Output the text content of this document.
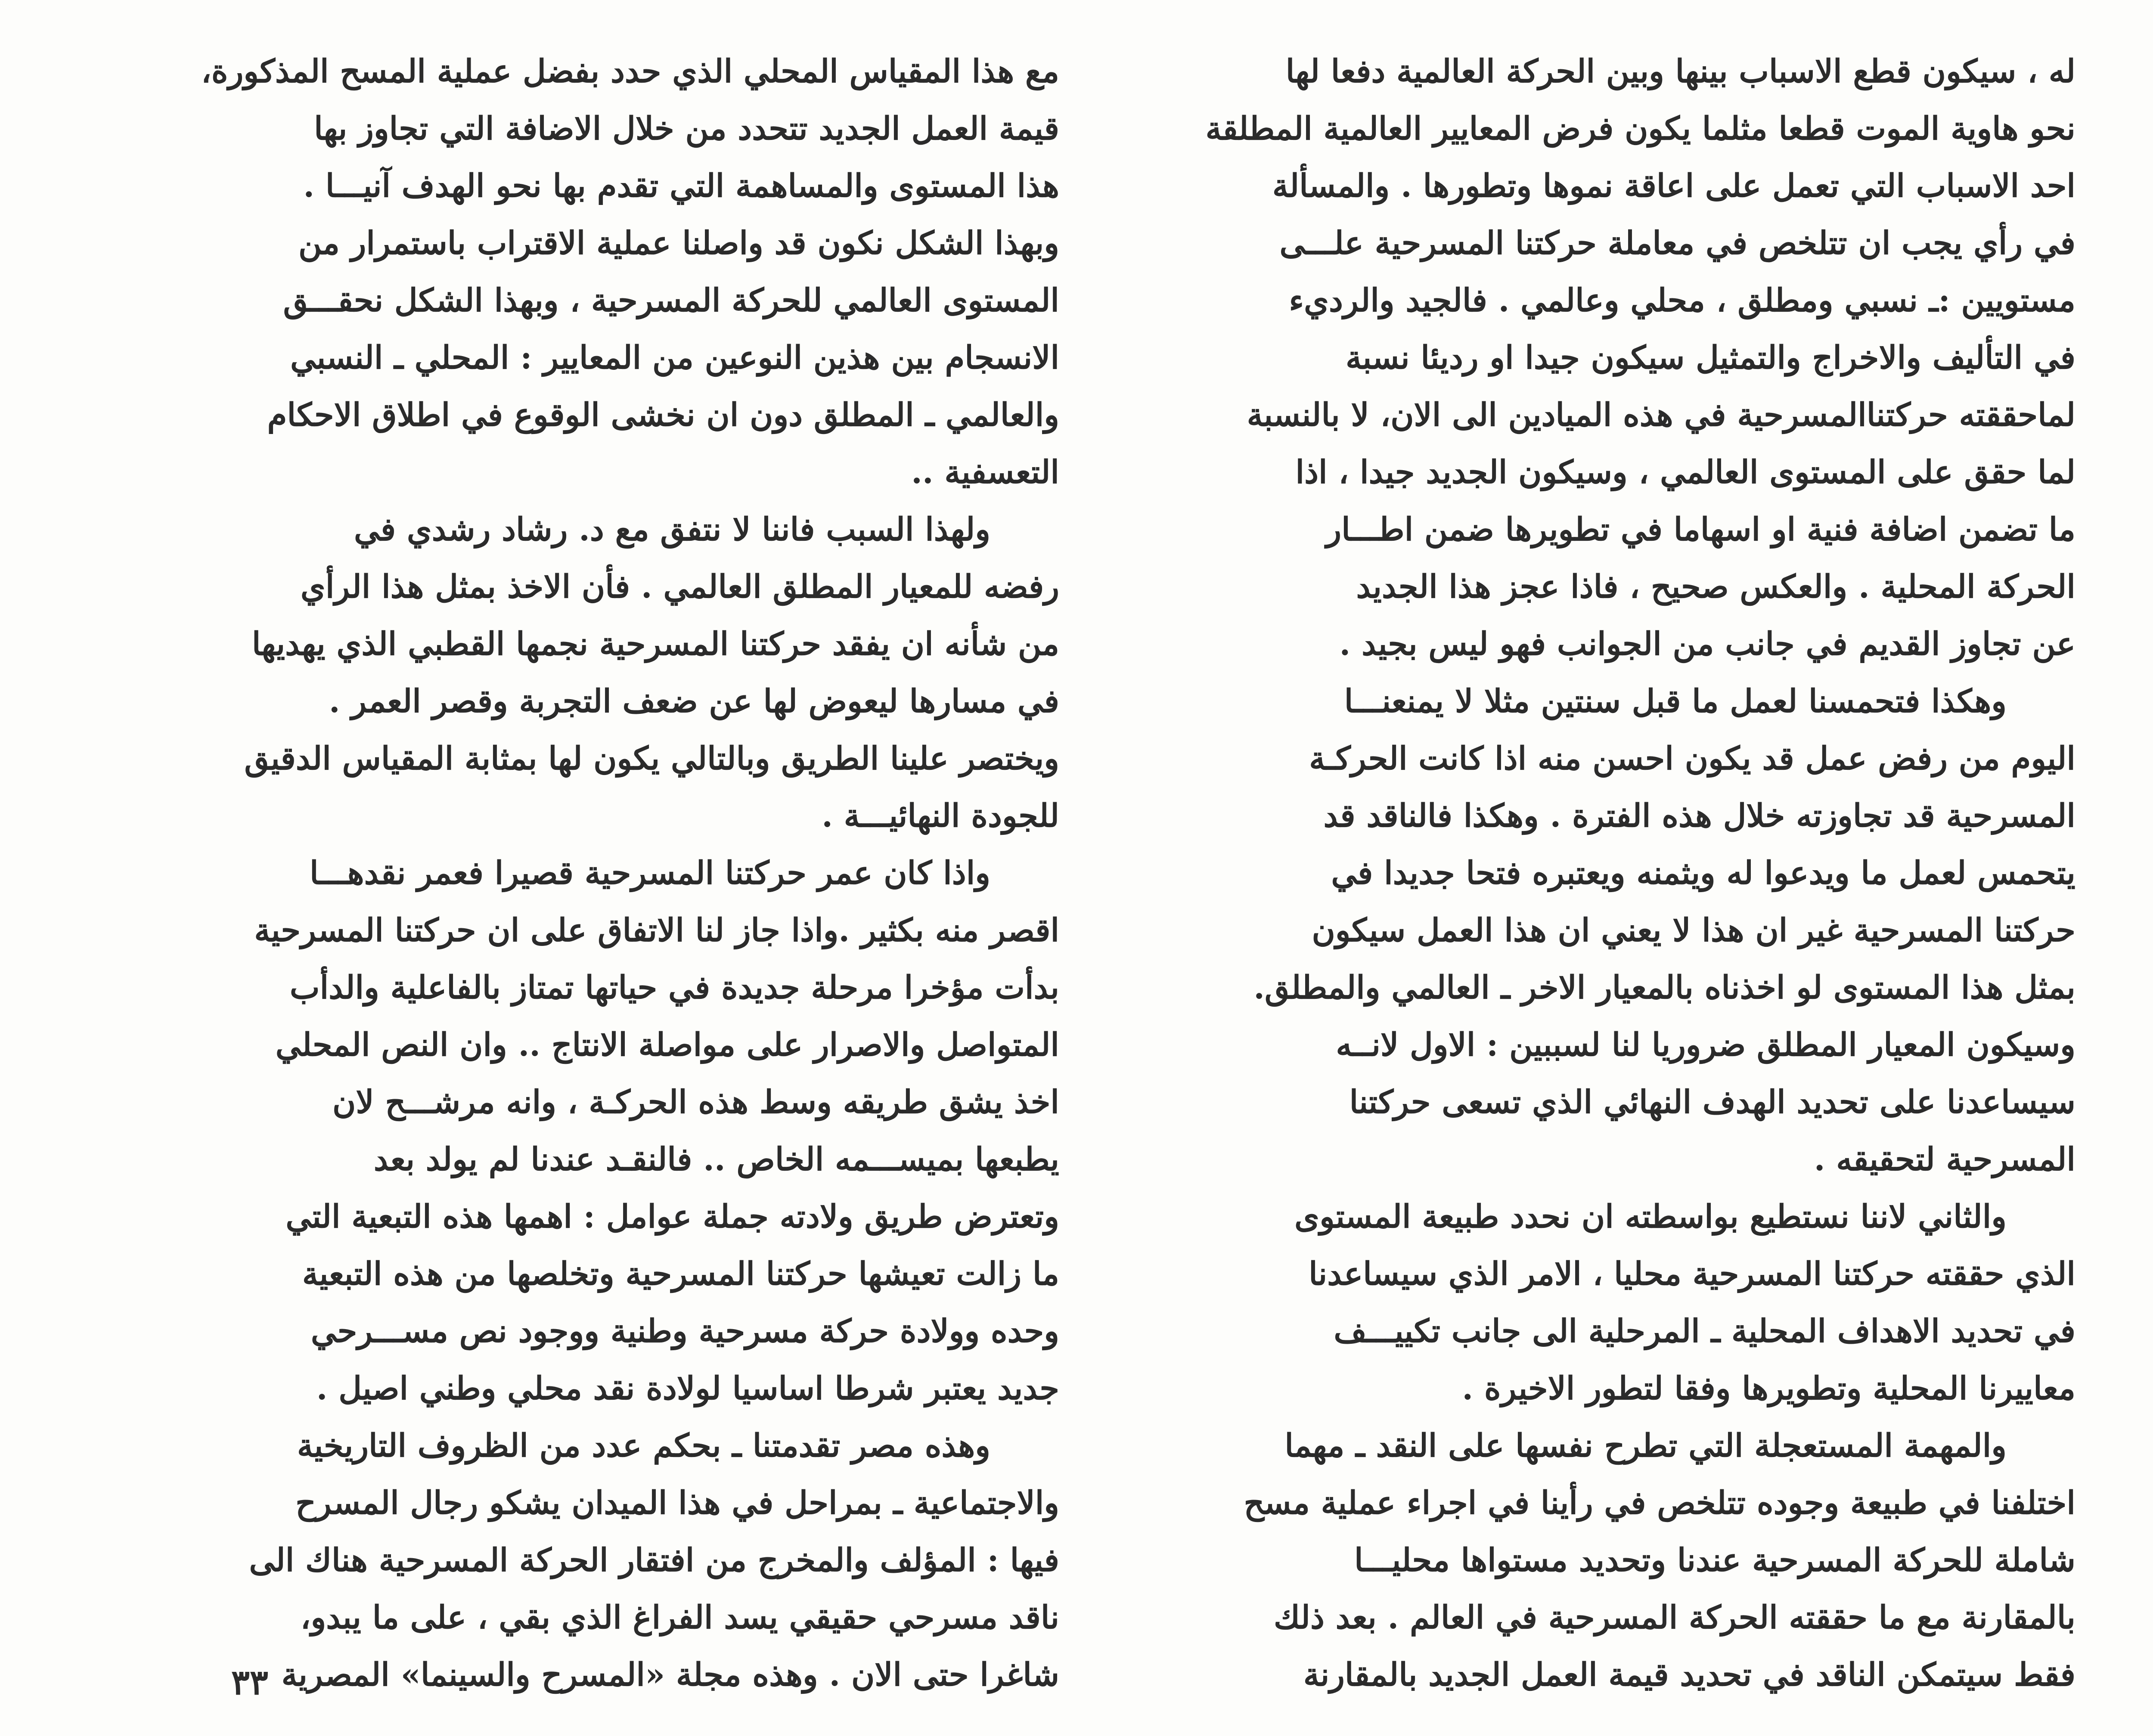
له ، سيكون قطع الاسباب بينها وبين الحركة العالمية دفعا لها
نحو هاوية الموت قطعا مثلما يكون فرض المعايير العالمية المطلقة
احد الاسباب التي تعمل على اعاقة نموها وتطورها . والمسألة
في رأي يجب ان تتلخص في معاملة حركتنا المسرحية علـــى
مستويين :ـ نسبي ومطلق ، محلي وعالمي . فالجيد والرديء
في التأليف والاخراج والتمثيل سيكون جيدا او رديئا نسبة
لماحققته حركتناالمسرحية في هذه الميادين الى الان، لا بالنسبة
لما حقق على المستوى العالمي ، وسيكون الجديد جيدا ، اذا
ما تضمن اضافة فنية او اسهاما في تطويرها ضمن اطـــار
الحركة المحلية . والعكس صحيح ، فاذا عجز هذا الجديد
عن تجاوز القديم في جانب من الجوانب فهو ليس بجيد .
وهكذا فتحمسنا لعمل ما قبل سنتين مثلا لا يمنعنـــا
اليوم من رفض عمل قد يكون احسن منه اذا كانت الحركـة
المسرحية قد تجاوزته خلال هذه الفترة . وهكذا فالناقد قد
يتحمس لعمل ما ويدعوا له ويثمنه ويعتبره فتحا جديدا في
حركتنا المسرحية غير ان هذا لا يعني ان هذا العمل سيكون
بمثل هذا المستوى لو اخذناه بالمعيار الاخر ـ العالمي والمطلق.
وسيكون المعيار المطلق ضروريا لنا لسببين : الاول لانــه
سيساعدنا على تحديد الهدف النهائي الذي تسعى حركتنا
المسرحية لتحقيقه .
والثاني لاننا نستطيع بواسطته ان نحدد طبيعة المستوى
الذي حققته حركتنا المسرحية محليا ، الامر الذي سيساعدنا
في تحديد الاهداف المحلية ـ المرحلية الى جانب تكييـــف
معاييرنا المحلية وتطويرها وفقا لتطور الاخيرة .
والمهمة المستعجلة التي تطرح نفسها على النقد ـ مهما
اختلفنا في طبيعة وجوده تتلخص في رأينا في اجراء عملية مسح
شاملة للحركة المسرحية عندنا وتحديد مستواها محليـــا
بالمقارنة مع ما حققته الحركة المسرحية في العالم . بعد ذلك
فقط سيتمكن الناقد في تحديد قيمة العمل الجديد بالمقارنة
مع هذا المقياس المحلي الذي حدد بفضل عملية المسح المذكورة،
قيمة العمل الجديد تتحدد من خلال الاضافة التي تجاوز بها
هذا المستوى والمساهمة التي تقدم بها نحو الهدف آنيـــا .
وبهذا الشكل نكون قد واصلنا عملية الاقتراب باستمرار من
المستوى العالمي للحركة المسرحية ، وبهذا الشكل نحقـــق
الانسجام بين هذين النوعين من المعايير : المحلي ـ النسبي
والعالمي ـ المطلق دون ان نخشى الوقوع في اطلاق الاحكام
التعسفية ..
ولهذا السبب فاننا لا نتفق مع د. رشاد رشدي في
رفضه للمعيار المطلق العالمي . فأن الاخذ بمثل هذا الرأي
من شأنه ان يفقد حركتنا المسرحية نجمها القطبي الذي يهديها
في مسارها ليعوض لها عن ضعف التجربة وقصر العمر .
ويختصر علينا الطريق وبالتالي يكون لها بمثابة المقياس الدقيق
للجودة النهائيـــة .
واذا كان عمر حركتنا المسرحية قصيرا فعمر نقدهـــا
اقصر منه بكثير .واذا جاز لنا الاتفاق على ان حركتنا المسرحية
بدأت مؤخرا مرحلة جديدة في حياتها تمتاز بالفاعلية والدأب
المتواصل والاصرار على مواصلة الانتاج .. وان النص المحلي
اخذ يشق طريقه وسط هذه الحركـة ، وانه مرشـــح لان
يطبعها بميســـمه الخاص .. فالنقـد عندنا لم يولد بعد
وتعترض طريق ولادته جملة عوامل : اهمها هذه التبعية التي
ما زالت تعيشها حركتنا المسرحية وتخلصها من هذه التبعية
وحده وولادة حركة مسرحية وطنية ووجود نص مســـرحي
جديد يعتبر شرطا اساسيا لولادة نقد محلي وطني اصيل .
وهذه مصر تقدمتنا ـ بحكم عدد من الظروف التاريخية
والاجتماعية ـ بمراحل في هذا الميدان يشكو رجال المسرح
فيها : المؤلف والمخرج من افتقار الحركة المسرحية هناك الى
ناقد مسرحي حقيقي يسد الفراغ الذي بقي ، على ما يبدو،
شاغرا حتى الان . وهذه مجلة «المسرح والسينما» المصرية
٣٣
